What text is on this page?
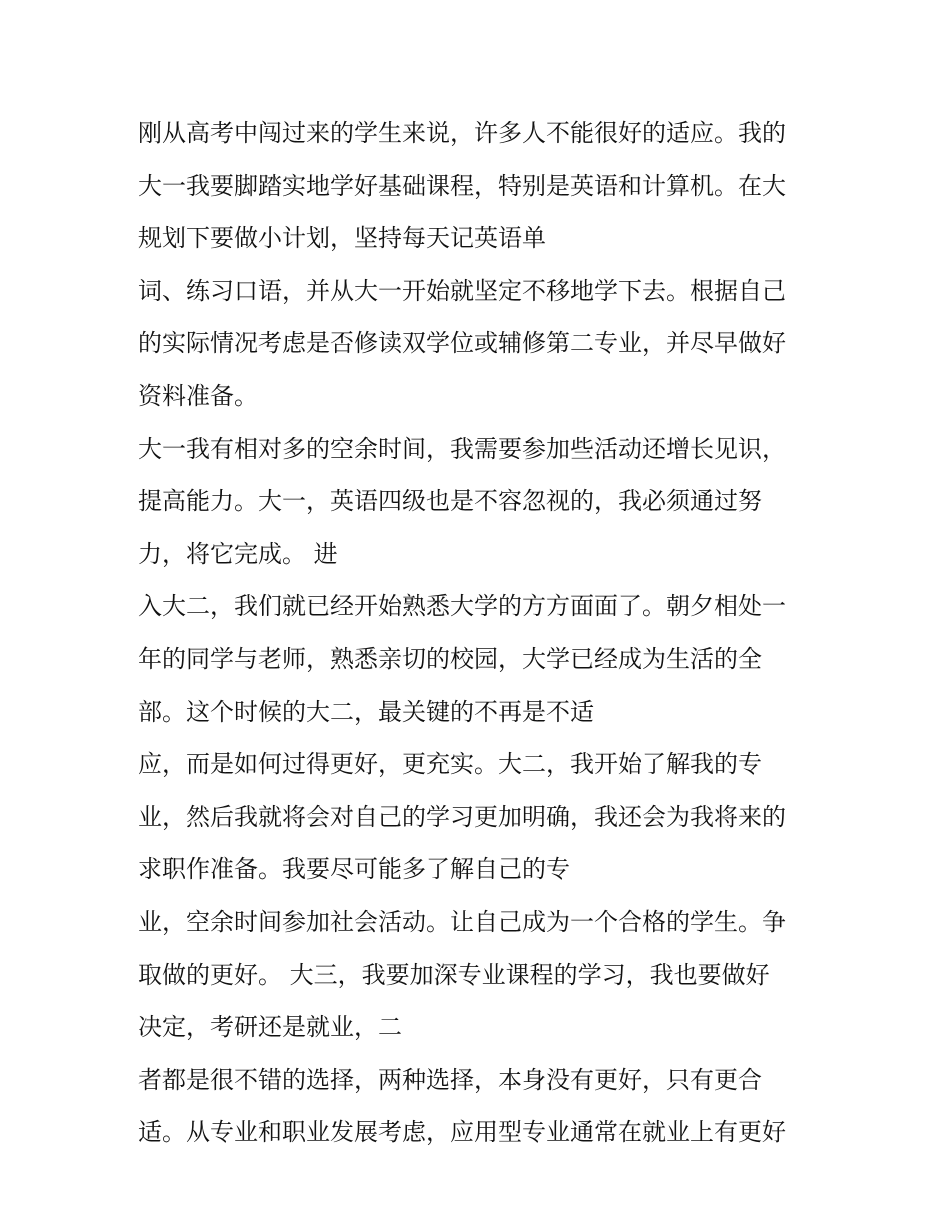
刚从高考中闯过来的学生来说，许多人不能很好的适应。我的
大一我要脚踏实地学好基础课程，特别是英语和计算机。在大
规划下要做小计划，坚持每天记英语单
词、练习口语，并从大一开始就坚定不移地学下去。根据自己
的实际情况考虑是否修读双学位或辅修第二专业，并尽早做好
资料准备。
大一我有相对多的空余时间，我需要参加些活动还增长见识，
提高能力。大一，英语四级也是不容忽视的，我必须通过努
力，将它完成。 进
入大二，我们就已经开始熟悉大学的方方面面了。朝夕相处一
年的同学与老师，熟悉亲切的校园，大学已经成为生活的全
部。这个时候的大二，最关键的不再是不适
应，而是如何过得更好，更充实。大二，我开始了解我的专
业，然后我就将会对自己的学习更加明确，我还会为我将来的
求职作准备。我要尽可能多了解自己的专
业，空余时间参加社会活动。让自己成为一个合格的学生。争
取做的更好。 大三，我要加深专业课程的学习，我也要做好
决定，考研还是就业，二
者都是很不错的选择，两种选择，本身没有更好，只有更合
适。从专业和职业发展考虑，应用型专业通常在就业上有更好
